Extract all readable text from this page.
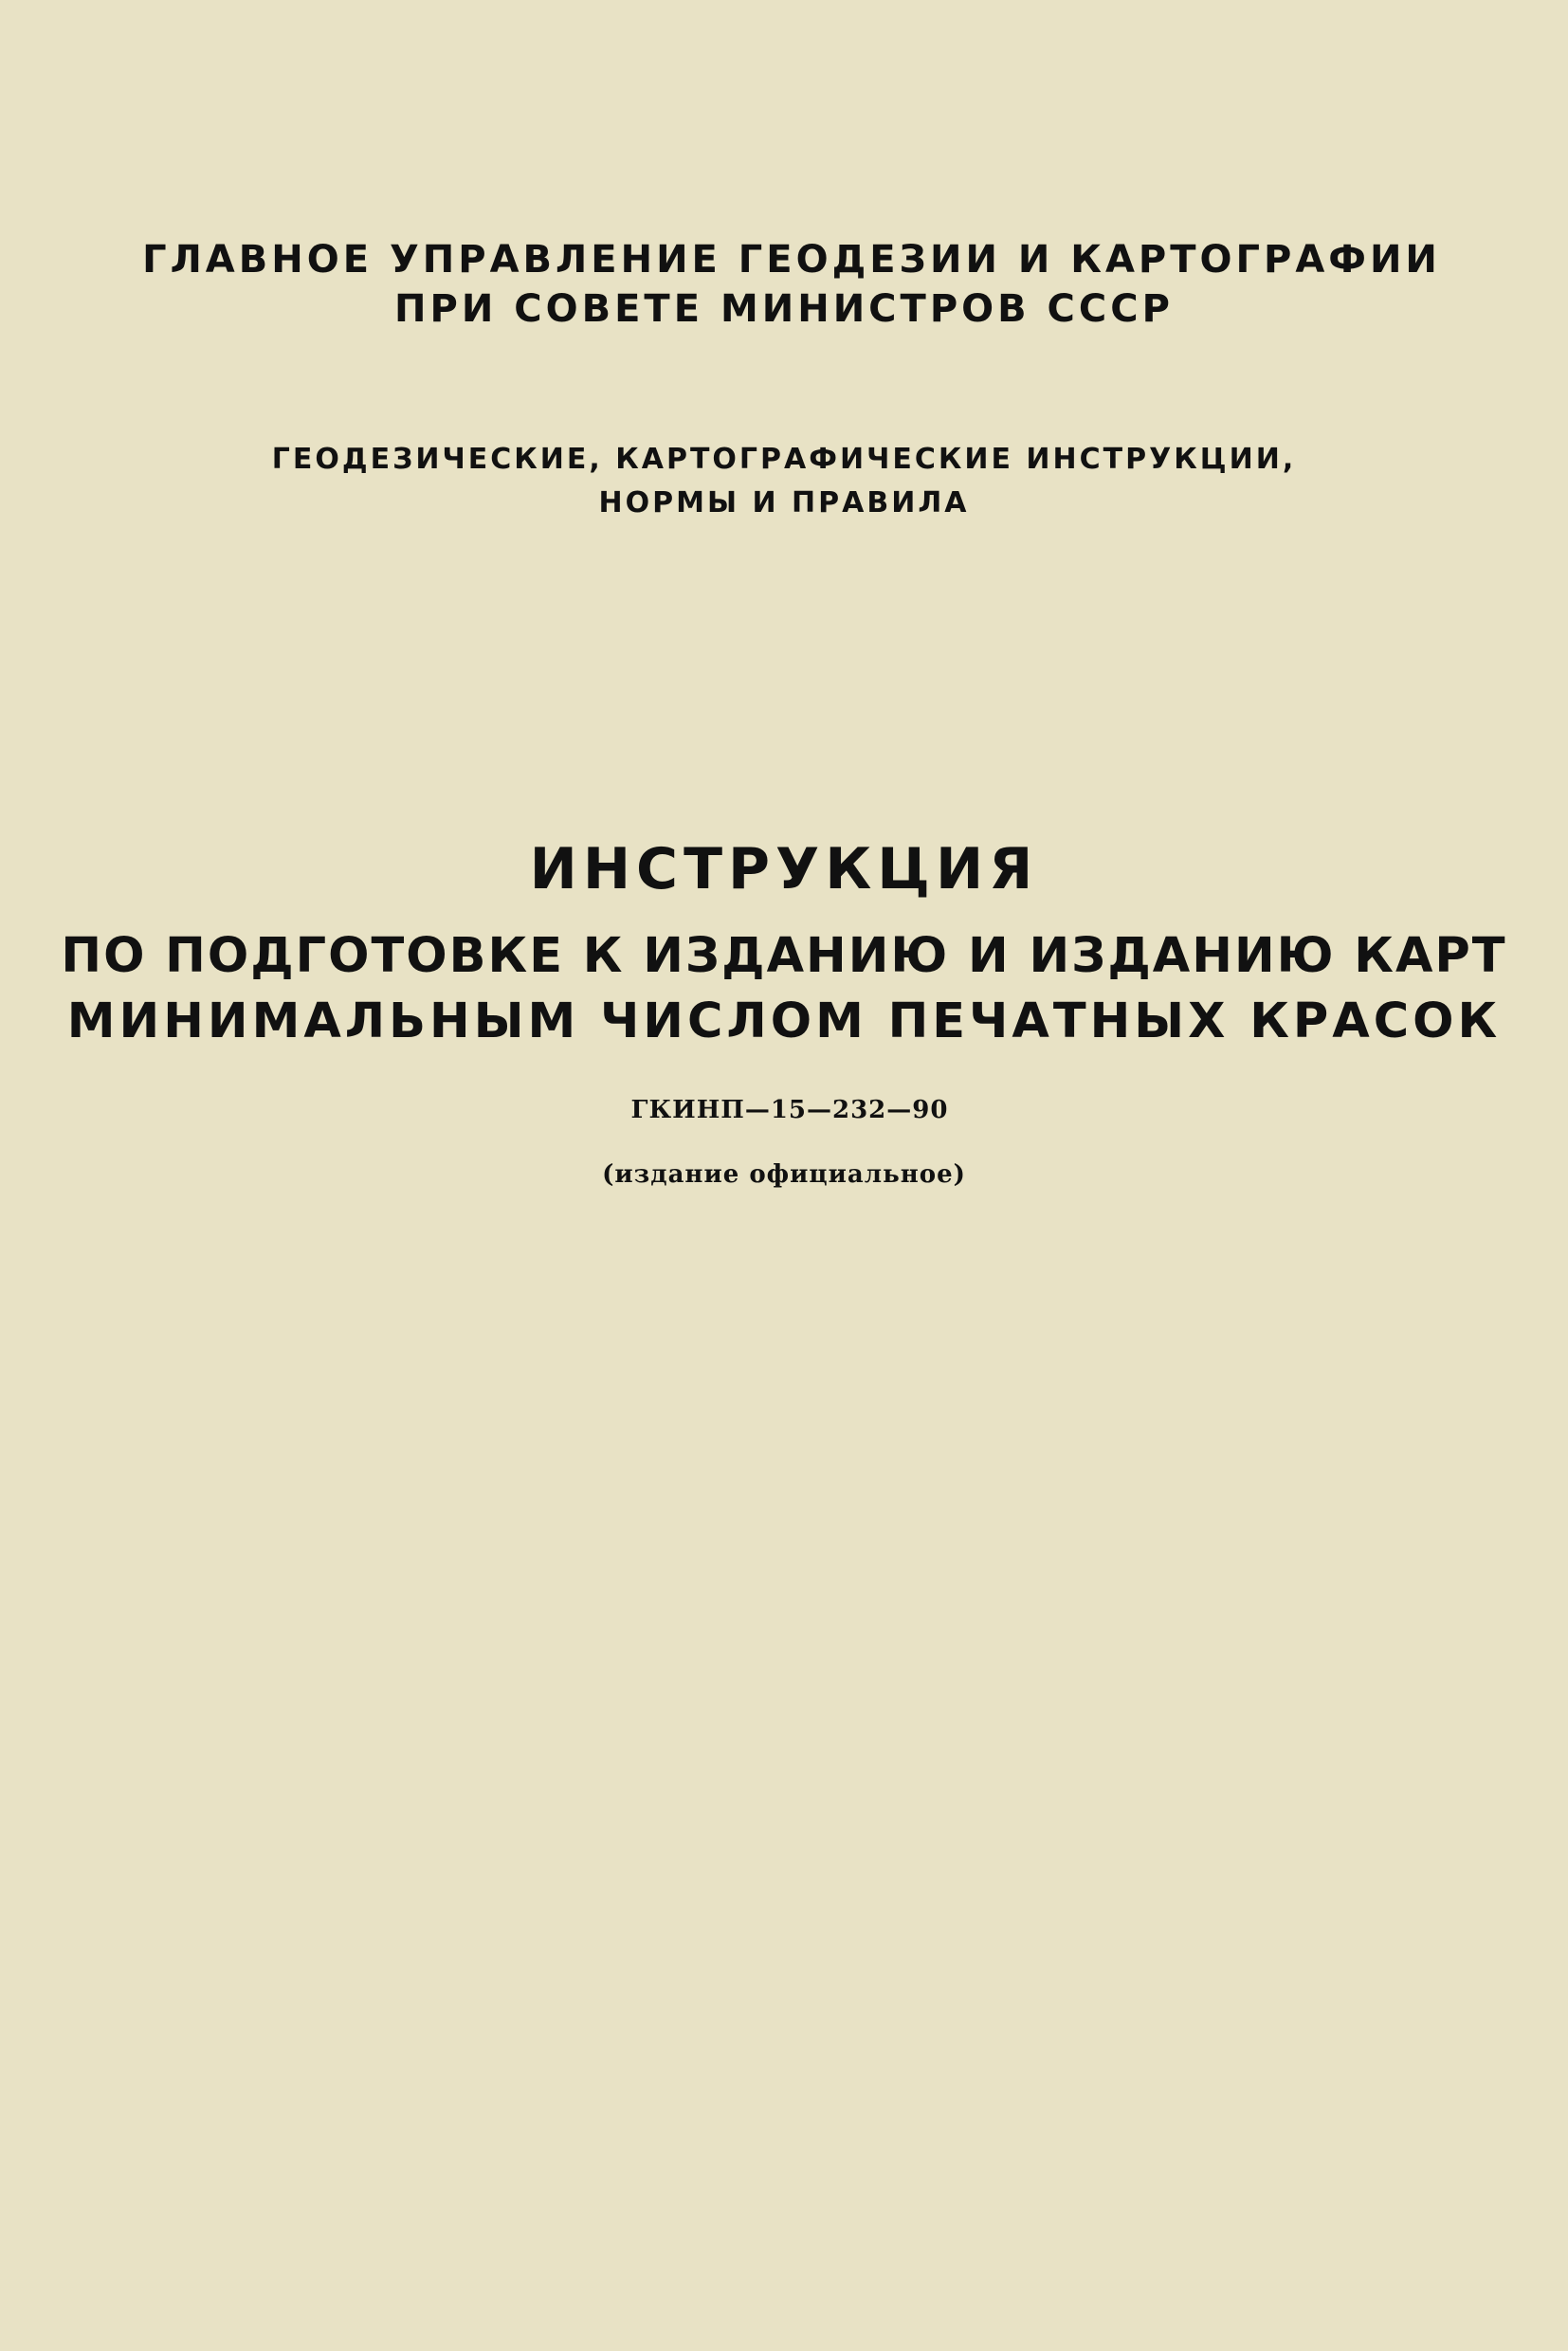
ГЛАВНОЕ УПРАВЛЕНИЕ ГЕОДЕЗИИ И КАРТОГРАФИИ
ПРИ СОВЕТЕ МИНИСТРОВ СССР
ГЕОДЕЗИЧЕСКИЕ, КАРТОГРАФИЧЕСКИЕ ИНСТРУКЦИИ,
НОРМЫ И ПРАВИЛА
ИНСТРУКЦИЯ
ПО ПОДГОТОВКЕ К ИЗДАНИЮ И ИЗДАНИЮ КАРТ
МИНИМАЛЬНЫМ ЧИСЛОМ ПЕЧАТНЫХ КРАСОК
ГКИНП—15—232—90
(издание официальное)
